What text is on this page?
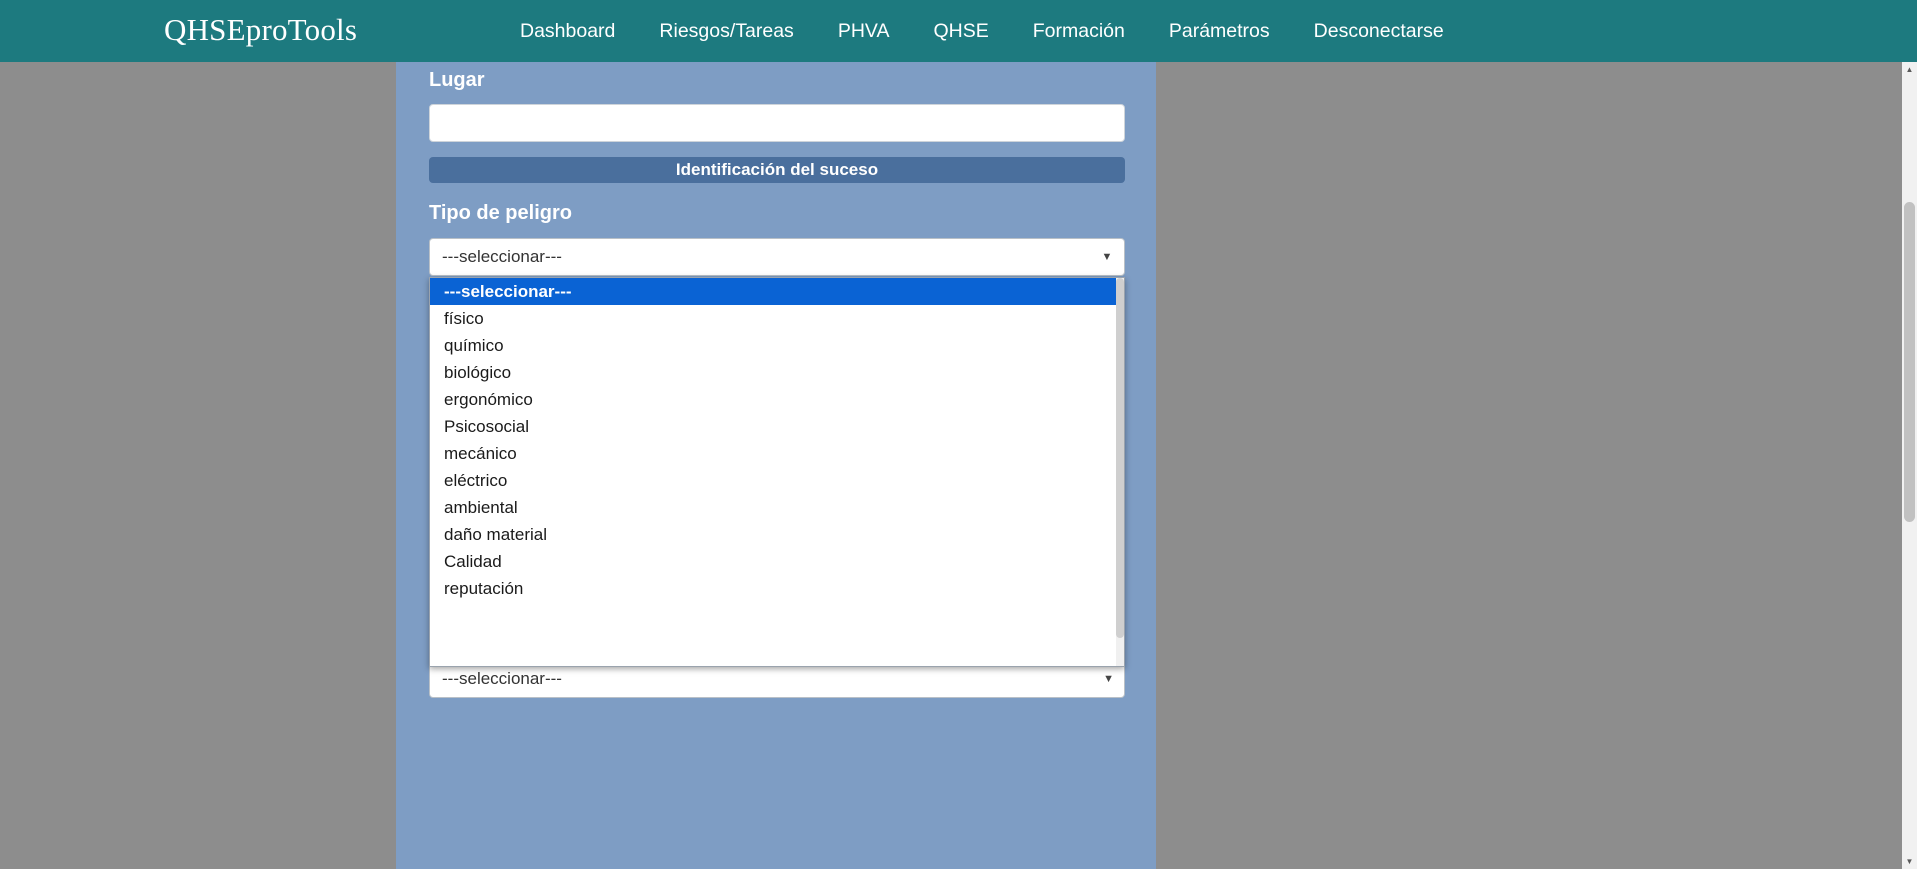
QHSEproTools	Dashboard	Riesgos/Tareas	PHVA	QHSE	Formación	Parámetros	Desconectarse
Lugar
Identificación del suceso
Tipo de peligro
---seleccionar---	▼
---seleccionar---
físico
químico
biológico
ergonómico
Psicosocial
mecánico
eléctrico
ambiental
daño material
Calidad
reputación
---seleccionar---	▼
▲
▼
